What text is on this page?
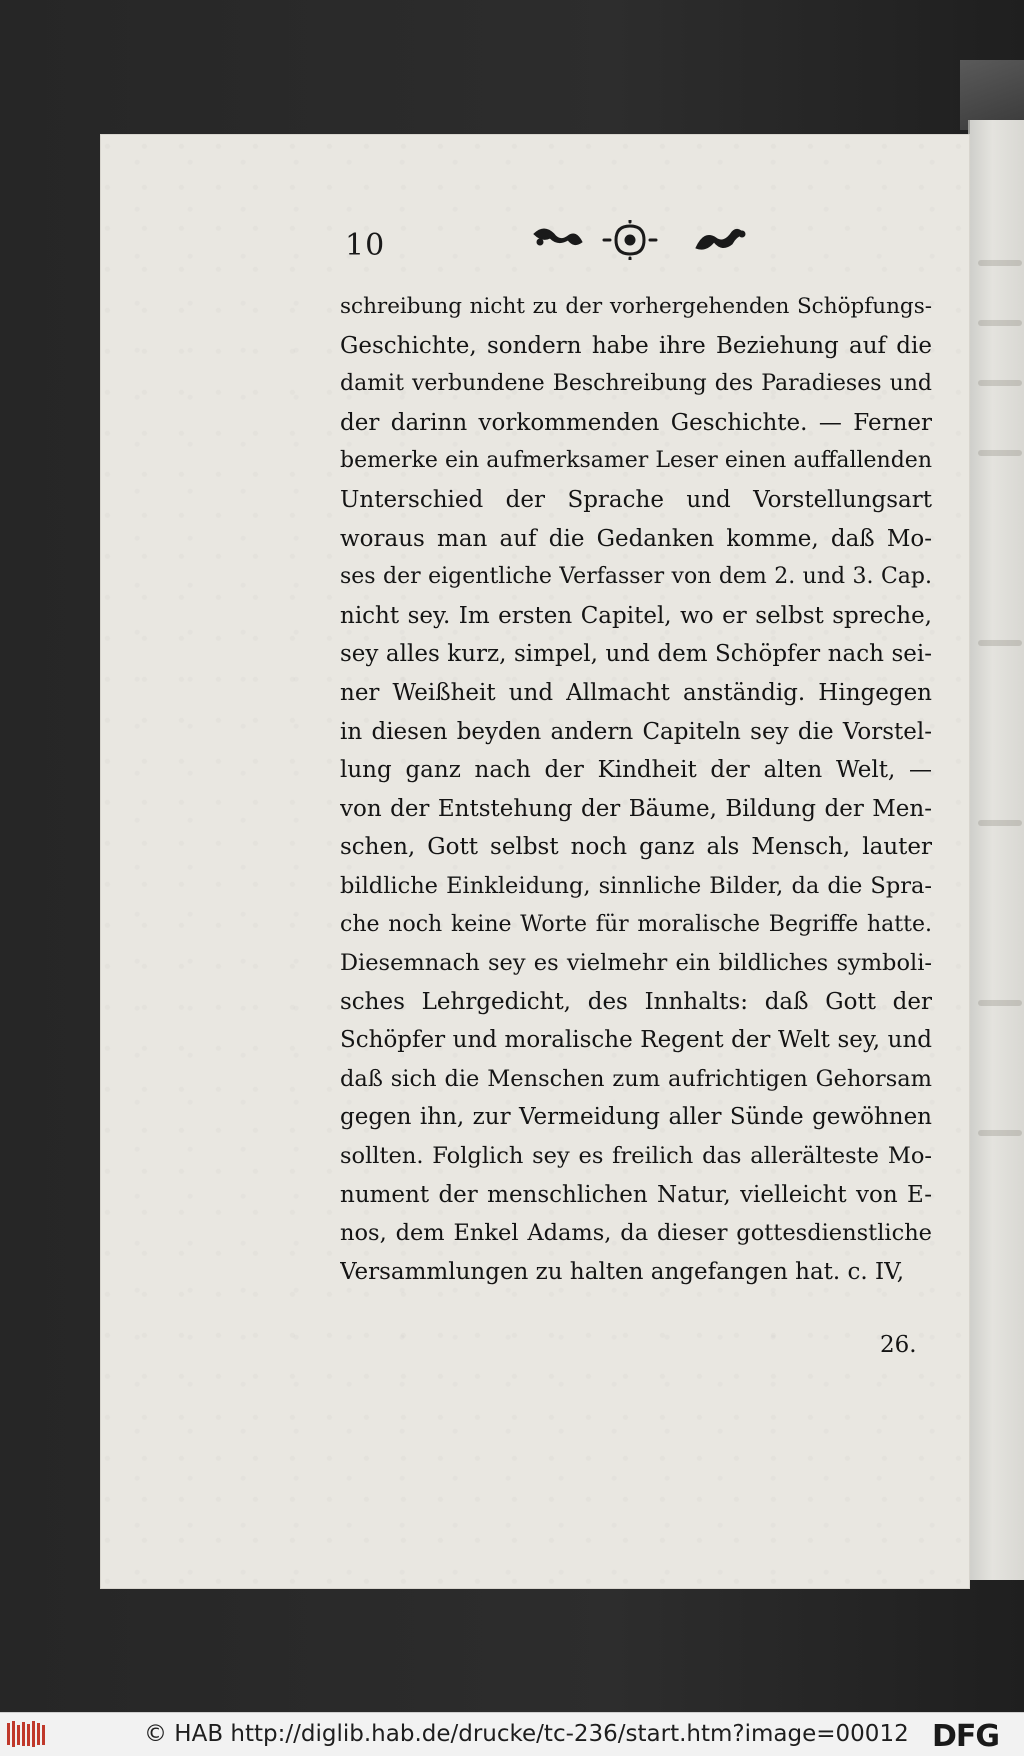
10
schreibung nicht zu der vorhergehenden Schöpfungs-
Geschichte, sondern habe ihre Beziehung auf die
damit verbundene Beschreibung des Paradieses und
der darinn vorkommenden Geschichte. — Ferner
bemerke ein aufmerksamer Leser einen auffallenden
Unterschied der Sprache und Vorstellungsart
woraus man auf die Gedanken komme, daß Mo-
ses der eigentliche Verfasser von dem 2. und 3. Cap.
nicht sey. Im ersten Capitel, wo er selbst spreche,
sey alles kurz, simpel, und dem Schöpfer nach sei-
ner Weißheit und Allmacht anständig. Hingegen
in diesen beyden andern Capiteln sey die Vorstel-
lung ganz nach der Kindheit der alten Welt, —
von der Entstehung der Bäume, Bildung der Men-
schen, Gott selbst noch ganz als Mensch, lauter
bildliche Einkleidung, sinnliche Bilder, da die Spra-
che noch keine Worte für moralische Begriffe hatte.
Diesemnach sey es vielmehr ein bildliches symboli-
sches Lehrgedicht, des Innhalts: daß Gott der
Schöpfer und moralische Regent der Welt sey, und
daß sich die Menschen zum aufrichtigen Gehorsam
gegen ihn, zur Vermeidung aller Sünde gewöhnen
sollten. Folglich sey es freilich das allerälteste Mo-
nument der menschlichen Natur, vielleicht von E-
nos, dem Enkel Adams, da dieser gottesdienstliche
Versammlungen zu halten angefangen hat. c. IV,
26.
© HAB http://diglib.hab.de/drucke/tc-236/start.htm?image=00012 DFG
